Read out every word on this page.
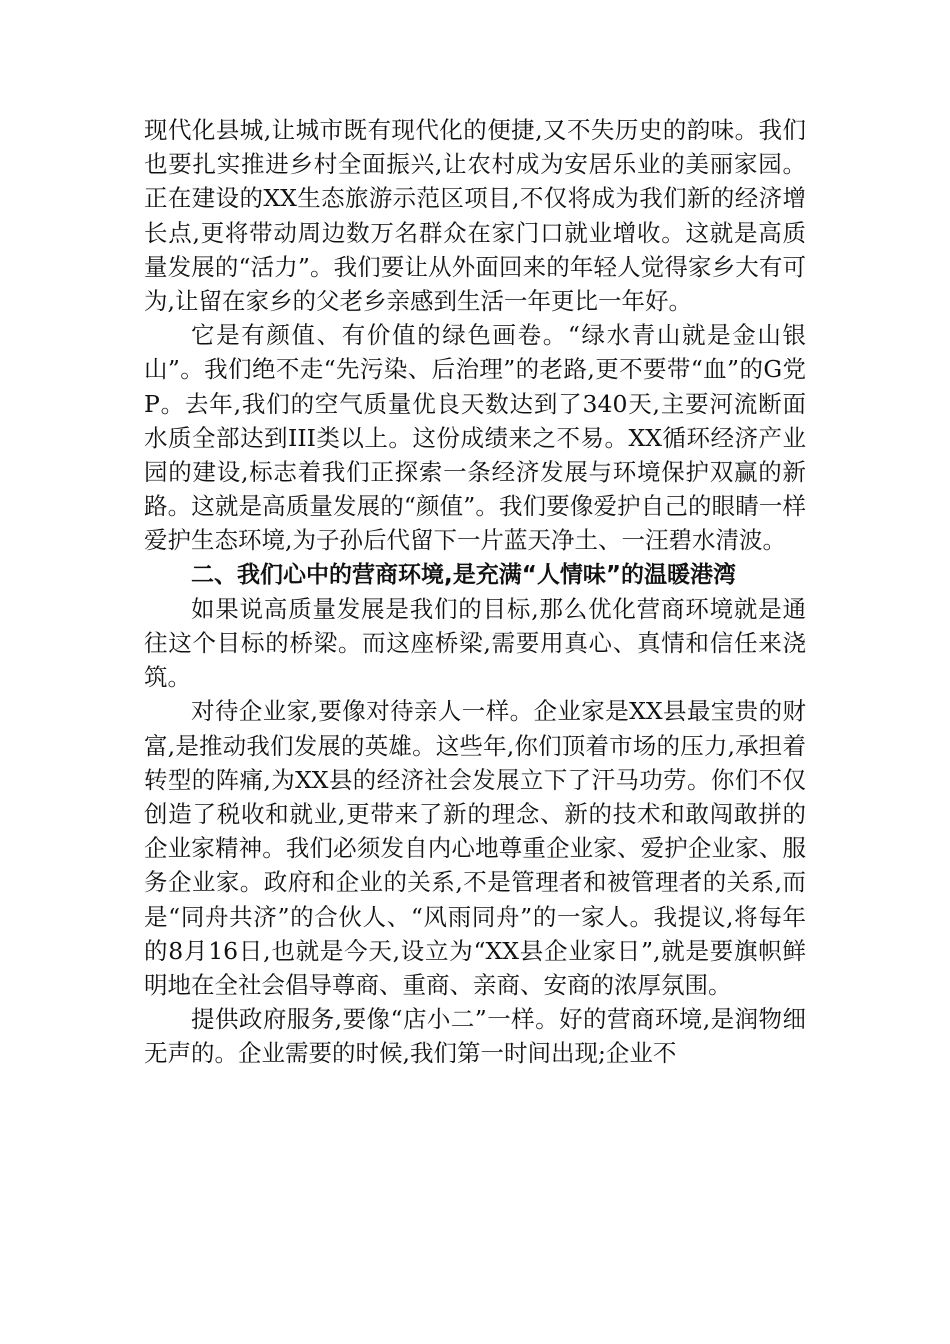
现代化县城,让城市既有现代化的便捷,又不失历史的韵味。我们也要扎实推进乡村全面振兴,让农村成为安居乐业的美丽家园。正在建设的XX生态旅游示范区项目,不仅将成为我们新的经济增长点,更将带动周边数万名群众在家门口就业增收。这就是高质量发展的“活力”。我们要让从外面回来的年轻人觉得家乡大有可为,让留在家乡的父老乡亲感到生活一年更比一年好。

它是有颜值、有价值的绿色画卷。“绿水青山就是金山银山”。我们绝不走“先污染、后治理”的老路,更不要带“血”的G党P。去年,我们的空气质量优良天数达到了340天,主要河流断面水质全部达到III类以上。这份成绩来之不易。XX循环经济产业园的建设,标志着我们正探索一条经济发展与环境保护双赢的新路。这就是高质量发展的“颜值”。我们要像爱护自己的眼睛一样爱护生态环境,为子孙后代留下一片蓝天净土、一汪碧水清波。

二、我们心中的营商环境,是充满“人情味”的温暖港湾

如果说高质量发展是我们的目标,那么优化营商环境就是通往这个目标的桥梁。而这座桥梁,需要用真心、真情和信任来浇筑。

对待企业家,要像对待亲人一样。企业家是XX县最宝贵的财富,是推动我们发展的英雄。这些年,你们顶着市场的压力,承担着转型的阵痛,为XX县的经济社会发展立下了汗马功劳。你们不仅创造了税收和就业,更带来了新的理念、新的技术和敢闯敢拼的企业家精神。我们必须发自内心地尊重企业家、爱护企业家、服务企业家。政府和企业的关系,不是管理者和被管理者的关系,而是“同舟共济”的合伙人、“风雨同舟”的一家人。我提议,将每年的8月16日,也就是今天,设立为“XX县企业家日”,就是要旗帜鲜明地在全社会倡导尊商、重商、亲商、安商的浓厚氛围。

提供政府服务,要像“店小二”一样。好的营商环境,是润物细无声的。企业需要的时候,我们第一时间出现;企业不
